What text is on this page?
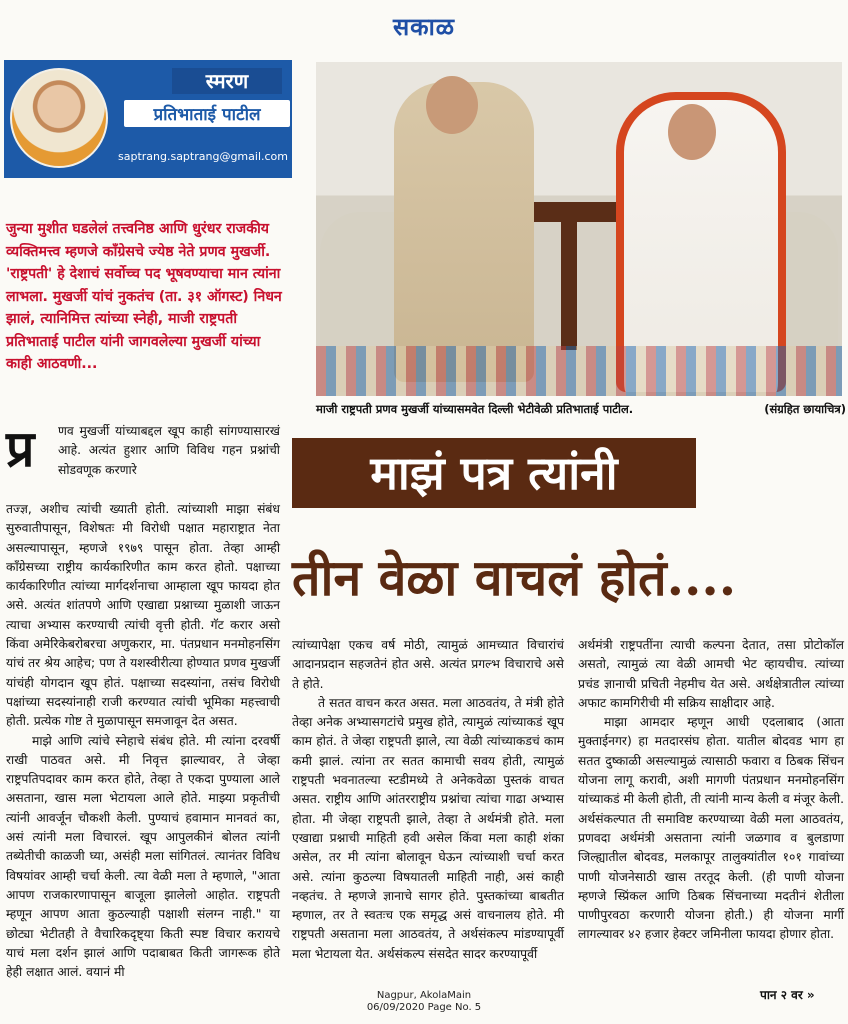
सकाळ
स्मरण
प्रतिभाताई पाटील
saptrang.saptrang@gmail.com
जुन्या मुशीत घडलेलं तत्त्वनिष्ठ आणि धुरंधर राजकीय व्यक्तिमत्त्व म्हणजे काँग्रेसचे ज्येष्ठ नेते प्रणव मुखर्जी. 'राष्ट्रपती' हे देशाचं सर्वोच्च पद भूषवण्याचा मान त्यांना लाभला. मुखर्जी यांचं नुकतंच (ता. ३१ ऑगस्ट) निधन झालं, त्यानिमित्त त्यांच्या स्नेही, माजी राष्ट्रपती प्रतिभाताई पाटील यांनी जागवलेल्या मुखर्जी यांच्या काही आठवणी...
माजी राष्ट्रपती प्रणव मुखर्जी यांच्यासमवेत दिल्ली भेटीवेळी प्रतिभाताई पाटील.	(संग्रहित छायाचित्र)
प्र णव मुखर्जी यांच्याबद्दल खूप काही सांगण्यासारखं आहे. अत्यंत हुशार आणि विविध गहन प्रश्नांची सोडवणूक करणारे

तज्ज्ञ, अशीच त्यांची ख्याती होती. त्यांच्याशी माझा संबंध सुरुवातीपासून, विशेषतः मी विरोधी पक्षात महाराष्ट्रात नेता असल्यापासून, म्हणजे १९७९ पासून होता. तेव्हा आम्ही काँग्रेसच्या राष्ट्रीय कार्यकारिणीत काम करत होतो. पक्षाच्या कार्यकारिणीत त्यांच्या मार्गदर्शनाचा आम्हाला खूप फायदा होत असे. अत्यंत शांतपणे आणि एखाद्या प्रश्नाच्या मुळाशी जाऊन त्याचा अभ्यास करण्याची त्यांची वृत्ती होती. गॅट करार असो किंवा अमेरिकेबरोबरचा अणुकरार, मा. पंतप्रधान मनमोहनसिंग यांचं तर श्रेय आहेच; पण ते यशस्वीरीत्या होण्यात प्रणव मुखर्जी यांचंही योगदान खूप होतं. पक्षाच्या सदस्यांना, तसंच विरोधी पक्षांच्या सदस्यांनाही राजी करण्यात त्यांची भूमिका महत्त्वाची होती. प्रत्येक गोष्ट ते मुळापासून समजावून देत असत.

माझे आणि त्यांचे स्नेहाचे संबंध होते. मी त्यांना दरवर्षी राखी पाठवत असे. मी निवृत्त झाल्यावर, ते जेव्हा राष्ट्रपतिपदावर काम करत होते, तेव्हा ते एकदा पुण्याला आले असताना, खास मला भेटायला आले होते. माझ्या प्रकृतीची त्यांनी आवर्जून चौकशी केली. पुण्याचं हवामान मानवतं का, असं त्यांनी मला विचारलं. खूप आपुलकीनं बोलत त्यांनी तब्येतीची काळजी घ्या, असंही मला सांगितलं. त्यानंतर विविध विषयांवर आम्ही चर्चा केली. त्या वेळी मला ते म्हणाले, "आता आपण राजकारणापासून बाजूला झालेलो आहोत. राष्ट्रपती म्हणून आपण आता कुठल्याही पक्षाशी संलग्न नाही." या छोट्या भेटीतही ते वैचारिकदृष्ट्या किती स्पष्ट विचार करायचे याचं मला दर्शन झालं आणि पदाबाबत किती जागरूक होते हेही लक्षात आलं. वयानं मी

माझं पत्र त्यांनी
तीन वेळा वाचलं होतं....

त्यांच्यापेक्षा एकच वर्ष मोठी, त्यामुळं आमच्यात विचारांचं आदानप्रदान सहजतेनं होत असे. अत्यंत प्रगल्भ विचाराचे असे ते होते.

ते सतत वाचन करत असत. मला आठवतंय, ते मंत्री होते तेव्हा अनेक अभ्यासगटांचे प्रमुख होते, त्यामुळं त्यांच्याकडं खूप काम होतं. ते जेव्हा राष्ट्रपती झाले, त्या वेळी त्यांच्याकडचं काम कमी झालं. त्यांना तर सतत कामाची सवय होती, त्यामुळं राष्ट्रपती भवनातल्या स्टडीमध्ये ते अनेकवेळा पुस्तकं वाचत असत. राष्ट्रीय आणि आंतरराष्ट्रीय प्रश्नांचा त्यांचा गाढा अभ्यास होता. मी जेव्हा राष्ट्रपती झाले, तेव्हा ते अर्थमंत्री होते. मला एखाद्या प्रश्नाची माहिती हवी असेल किंवा मला काही शंका असेल, तर मी त्यांना बोलावून घेऊन त्यांच्याशी चर्चा करत असे. त्यांना कुठल्या विषयातली माहिती नाही, असं काही नव्हतंच. ते म्हणजे ज्ञानाचे सागर होते. पुस्तकांच्या बाबतीत म्हणाल, तर ते स्वतःच एक समृद्ध असं वाचनालय होते. मी राष्ट्रपती असताना मला आठवतंय, ते अर्थसंकल्प मांडण्यापूर्वी मला भेटायला येत. अर्थसंकल्प संसदेत सादर करण्यापूर्वी

अर्थमंत्री राष्ट्रपतींना त्याची कल्पना देतात, तसा प्रोटोकॉल असतो, त्यामुळं त्या वेळी आमची भेट व्हायचीच. त्यांच्या प्रचंड ज्ञानाची प्रचिती नेहमीच येत असे. अर्थक्षेत्रातील त्यांच्या अफाट कामगिरीची मी सक्रिय साक्षीदार आहे.

माझा आमदार म्हणून आधी एदलाबाद (आता मुक्ताईनगर) हा मतदारसंघ होता. यातील बोदवड भाग हा सतत दुष्काळी असल्यामुळं त्यासाठी फवारा व ठिबक सिंचन योजना लागू करावी, अशी मागणी पंतप्रधान मनमोहनसिंग यांच्याकडं मी केली होती, ती त्यांनी मान्य केली व मंजूर केली. अर्थसंकल्पात ती समाविष्ट करण्याच्या वेळी मला आठवतंय, प्रणवदा अर्थमंत्री असताना त्यांनी जळगाव व बुलडाणा जिल्ह्यातील बोदवड, मलकापूर तालुक्यांतील १०१ गावांच्या पाणी योजनेसाठी खास तरतूद केली. (ही पाणी योजना म्हणजे स्प्रिंकल आणि ठिबक सिंचनाच्या मदतीनं शेतीला पाणीपुरवठा करणारी योजना होती.) ही योजना मार्गी लागल्यावर ४२ हजार हेक्टर जमिनीला फायदा होणार होता.

पान २ वर »
Nagpur, AkolaMain
06/09/2020 Page No. 5
